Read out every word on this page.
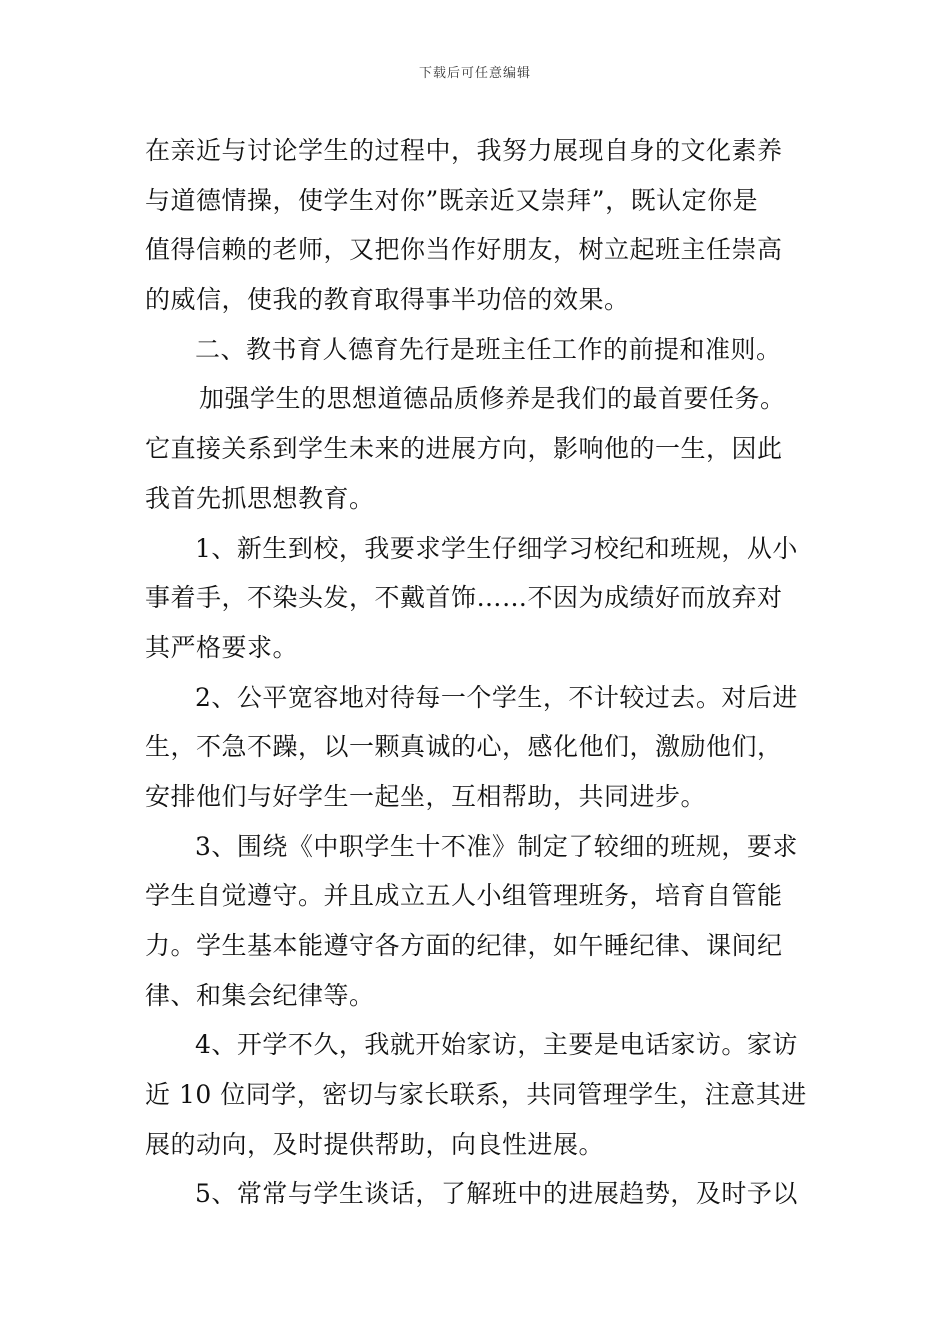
下载后可任意编辑
在亲近与讨论学生的过程中，我努力展现自身的文化素养
与道德情操，使学生对你”既亲近又崇拜”，既认定你是
值得信赖的老师，又把你当作好朋友，树立起班主任崇高
的威信，使我的教育取得事半功倍的效果。
二、教书育人德育先行是班主任工作的前提和准则。
加强学生的思想道德品质修养是我们的最首要任务。
它直接关系到学生未来的进展方向，影响他的一生，因此
我首先抓思想教育。
1、新生到校，我要求学生仔细学习校纪和班规，从小
事着手，不染头发，不戴首饰……不因为成绩好而放弃对
其严格要求。
2、公平宽容地对待每一个学生，不计较过去。对后进
生，不急不躁，以一颗真诚的心，感化他们，激励他们，
安排他们与好学生一起坐，互相帮助，共同进步。
3、围绕《中职学生十不准》制定了较细的班规，要求
学生自觉遵守。并且成立五人小组管理班务，培育自管能
力。学生基本能遵守各方面的纪律，如午睡纪律、课间纪
律、和集会纪律等。
4、开学不久，我就开始家访，主要是电话家访。家访
近 10 位同学，密切与家长联系，共同管理学生，注意其进
展的动向，及时提供帮助，向良性进展。
5、常常与学生谈话，了解班中的进展趋势，及时予以
